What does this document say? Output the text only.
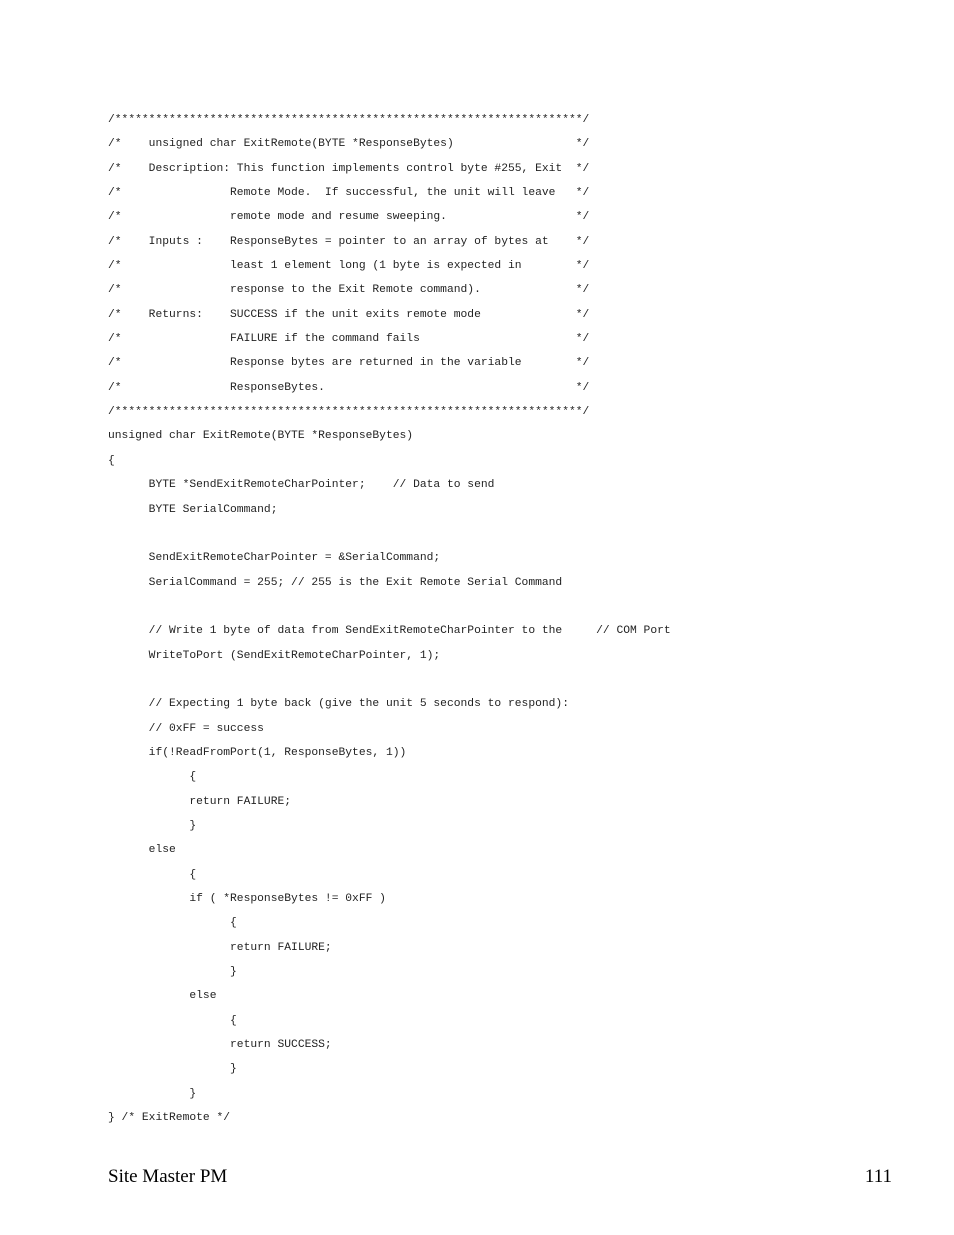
/*********************************************************************/
/*    unsigned char ExitRemote(BYTE *ResponseBytes)                  */
/*    Description: This function implements control byte #255, Exit  */
/*                Remote Mode.  If successful, the unit will leave   */
/*                remote mode and resume sweeping.                   */
/*    Inputs :    ResponseBytes = pointer to an array of bytes at    */
/*                least 1 element long (1 byte is expected in        */
/*                response to the Exit Remote command).              */
/*    Returns:    SUCCESS if the unit exits remote mode              */
/*                FAILURE if the command fails                       */
/*                Response bytes are returned in the variable        */
/*                ResponseBytes.                                     */
/*********************************************************************/
unsigned char ExitRemote(BYTE *ResponseBytes)
{
BYTE *SendExitRemoteCharPointer;    // Data to send
BYTE SerialCommand;
SendExitRemoteCharPointer = &SerialCommand;
SerialCommand = 255; // 255 is the Exit Remote Serial Command
// Write 1 byte of data from SendExitRemoteCharPointer to the     // COM Port
WriteToPort (SendExitRemoteCharPointer, 1);
// Expecting 1 byte back (give the unit 5 seconds to respond):
// 0xFF = success
if(!ReadFromPort(1, ResponseBytes, 1))
{
return FAILURE;
}
else
{
if ( *ResponseBytes != 0xFF )
{
return FAILURE;
}
else
{
return SUCCESS;
}
}
} /* ExitRemote */
Site Master PM	111
